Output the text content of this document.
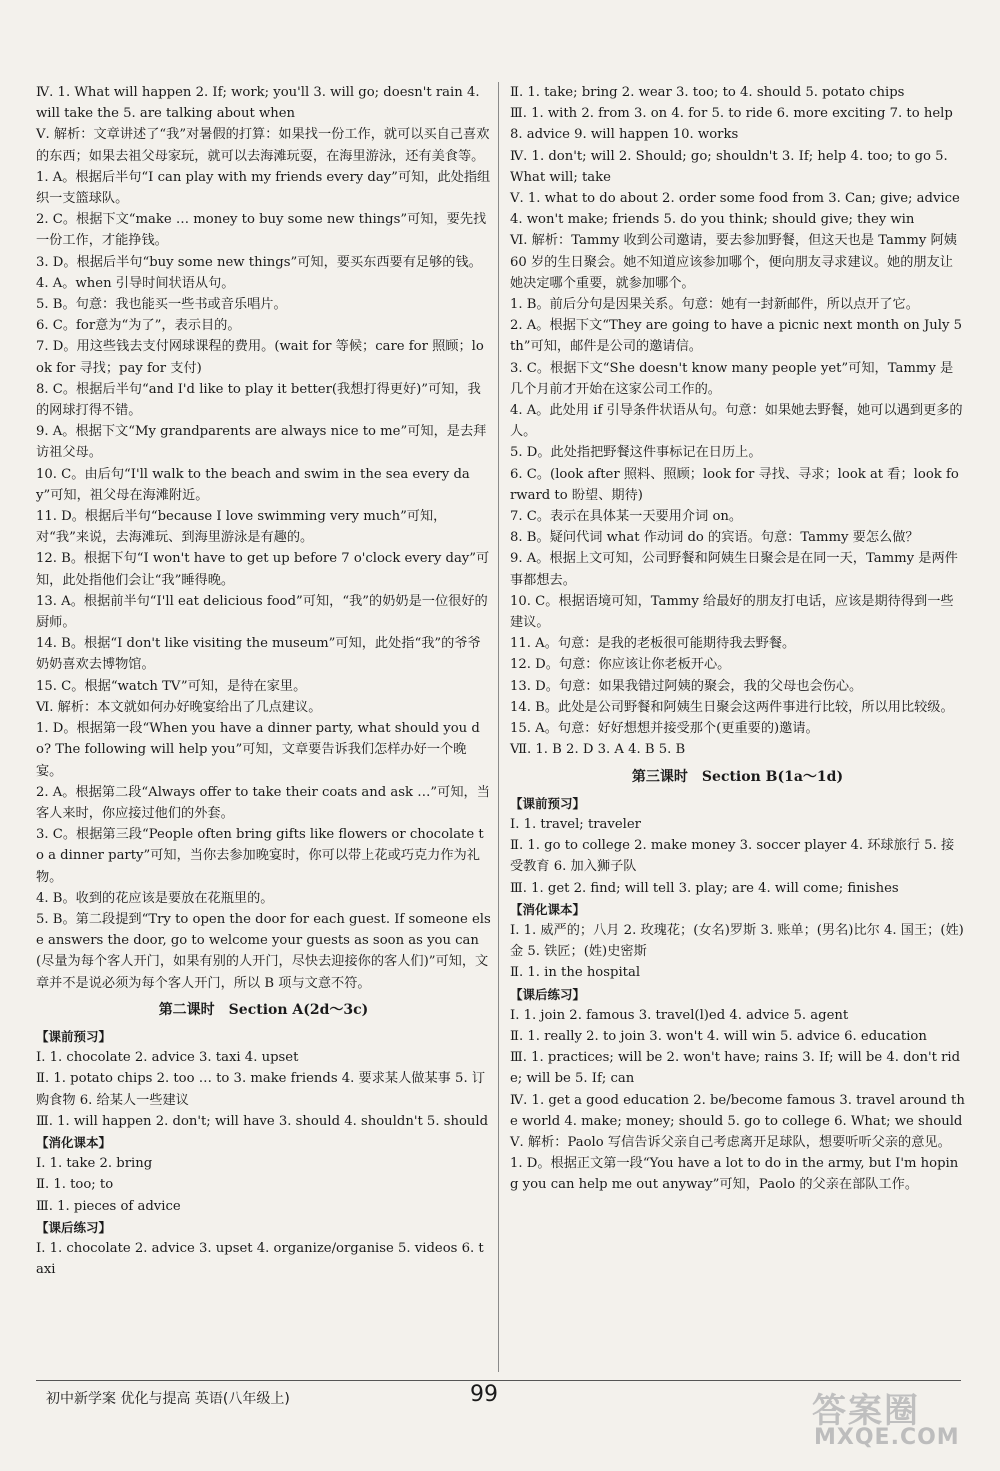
Ⅳ. 1. What will happen 2. If; work; you'll 3. will go; doesn't rain 4. will take the 5. are talking about when

Ⅴ. 解析：文章讲述了“我”对暑假的打算：如果找一份工作，就可以买自己喜欢的东西；如果去祖父母家玩，就可以去海滩玩耍，在海里游泳，还有美食等。

1. A。根据后半句“I can play with my friends every day”可知，此处指组织一支篮球队。

2. C。根据下文“make … money to buy some new things”可知，要先找一份工作，才能挣钱。

3. D。根据后半句“buy some new things”可知，要买东西要有足够的钱。

4. A。when 引导时间状语从句。

5. B。句意：我也能买一些书或音乐唱片。

6. C。for意为“为了”，表示目的。

7. D。用这些钱去支付网球课程的费用。(wait for 等候；care for 照顾；look for 寻找；pay for 支付)

8. C。根据后半句“and I'd like to play it better(我想打得更好)”可知，我的网球打得不错。

9. A。根据下文“My grandparents are always nice to me”可知，是去拜访祖父母。

10. C。由后句“I'll walk to the beach and swim in the sea every day”可知，祖父母在海滩附近。

11. D。根据后半句“because I love swimming very much”可知，对“我”来说，去海滩玩、到海里游泳是有趣的。

12. B。根据下句“I won't have to get up before 7 o'clock every day”可知，此处指他们会让“我”睡得晚。

13. A。根据前半句“I'll eat delicious food”可知，“我”的奶奶是一位很好的厨师。

14. B。根据“I don't like visiting the museum”可知，此处指“我”的爷爷奶奶喜欢去博物馆。

15. C。根据“watch TV”可知，是待在家里。

Ⅵ. 解析：本文就如何办好晚宴给出了几点建议。

1. D。根据第一段“When you have a dinner party, what should you do? The following will help you”可知，文章要告诉我们怎样办好一个晚宴。

2. A。根据第二段“Always offer to take their coats and ask …”可知，当客人来时，你应接过他们的外套。

3. C。根据第三段“People often bring gifts like flowers or chocolate to a dinner party”可知，当你去参加晚宴时，你可以带上花或巧克力作为礼物。

4. B。收到的花应该是要放在花瓶里的。

5. B。第二段提到“Try to open the door for each guest. If someone else answers the door, go to welcome your guests as soon as you can(尽量为每个客人开门，如果有别的人开门，尽快去迎接你的客人们)”可知，文章并不是说必须为每个客人开门，所以 B 项与文意不符。

第二课时　Section A(2d～3c)

【课前预习】

Ⅰ. 1. chocolate 2. advice 3. taxi 4. upset

Ⅱ. 1. potato chips 2. too … to 3. make friends 4. 要求某人做某事 5. 订购食物 6. 给某人一些建议

Ⅲ. 1. will happen 2. don't; will have 3. should 4. shouldn't 5. should

【消化课本】

Ⅰ. 1. take 2. bring

Ⅱ. 1. too; to

Ⅲ. 1. pieces of advice

【课后练习】

Ⅰ. 1. chocolate 2. advice 3. upset 4. organize/organise 5. videos 6. taxi

Ⅱ. 1. take; bring 2. wear 3. too; to 4. should 5. potato chips

Ⅲ. 1. with 2. from 3. on 4. for 5. to ride 6. more exciting 7. to help 8. advice 9. will happen 10. works

Ⅳ. 1. don't; will 2. Should; go; shouldn't 3. If; help 4. too; to go 5. What will; take

Ⅴ. 1. what to do about 2. order some food from 3. Can; give; advice 4. won't make; friends 5. do you think; should give; they win

Ⅵ. 解析：Tammy 收到公司邀请，要去参加野餐，但这天也是 Tammy 阿姨 60 岁的生日聚会。她不知道应该参加哪个，便向朋友寻求建议。她的朋友让她决定哪个重要，就参加哪个。

1. B。前后分句是因果关系。句意：她有一封新邮件，所以点开了它。

2. A。根据下文“They are going to have a picnic next month on July 5th”可知，邮件是公司的邀请信。

3. C。根据下文“She doesn't know many people yet”可知，Tammy 是几个月前才开始在这家公司工作的。

4. A。此处用 if 引导条件状语从句。句意：如果她去野餐，她可以遇到更多的人。

5. D。此处指把野餐这件事标记在日历上。

6. C。(look after 照料、照顾；look for 寻找、寻求；look at 看；look forward to 盼望、期待)

7. C。表示在具体某一天要用介词 on。

8. B。疑问代词 what 作动词 do 的宾语。句意：Tammy 要怎么做？

9. A。根据上文可知，公司野餐和阿姨生日聚会是在同一天，Tammy 是两件事都想去。

10. C。根据语境可知，Tammy 给最好的朋友打电话，应该是期待得到一些建议。

11. A。句意：是我的老板很可能期待我去野餐。

12. D。句意：你应该让你老板开心。

13. D。句意：如果我错过阿姨的聚会，我的父母也会伤心。

14. B。此处是公司野餐和阿姨生日聚会这两件事进行比较，所以用比较级。

15. A。句意：好好想想并接受那个(更重要的)邀请。

Ⅶ. 1. B 2. D 3. A 4. B 5. B

第三课时　Section B(1a～1d)

【课前预习】

Ⅰ. 1. travel; traveler

Ⅱ. 1. go to college 2. make money 3. soccer player 4. 环球旅行 5. 接受教育 6. 加入狮子队

Ⅲ. 1. get 2. find; will tell 3. play; are 4. will come; finishes

【消化课本】

Ⅰ. 1. 威严的；八月 2. 玫瑰花；(女名)罗斯 3. 账单；(男名)比尔 4. 国王；(姓)金 5. 铁匠；(姓)史密斯

Ⅱ. 1. in the hospital

【课后练习】

Ⅰ. 1. join 2. famous 3. travel(l)ed 4. advice 5. agent

Ⅱ. 1. really 2. to join 3. won't 4. will win 5. advice 6. education

Ⅲ. 1. practices; will be 2. won't have; rains 3. If; will be 4. don't ride; will be 5. If; can

Ⅳ. 1. get a good education 2. be/become famous 3. travel around the world 4. make; money; should 5. go to college 6. What; we should

Ⅴ. 解析：Paolo 写信告诉父亲自己考虑离开足球队，想要听听父亲的意见。

1. D。根据正文第一段“You have a lot to do in the army, but I'm hoping you can help me out anyway”可知，Paolo 的父亲在部队工作。

初中新学案 优化与提高 英语(八年级上)	99	答案圈
MXQE.COM
